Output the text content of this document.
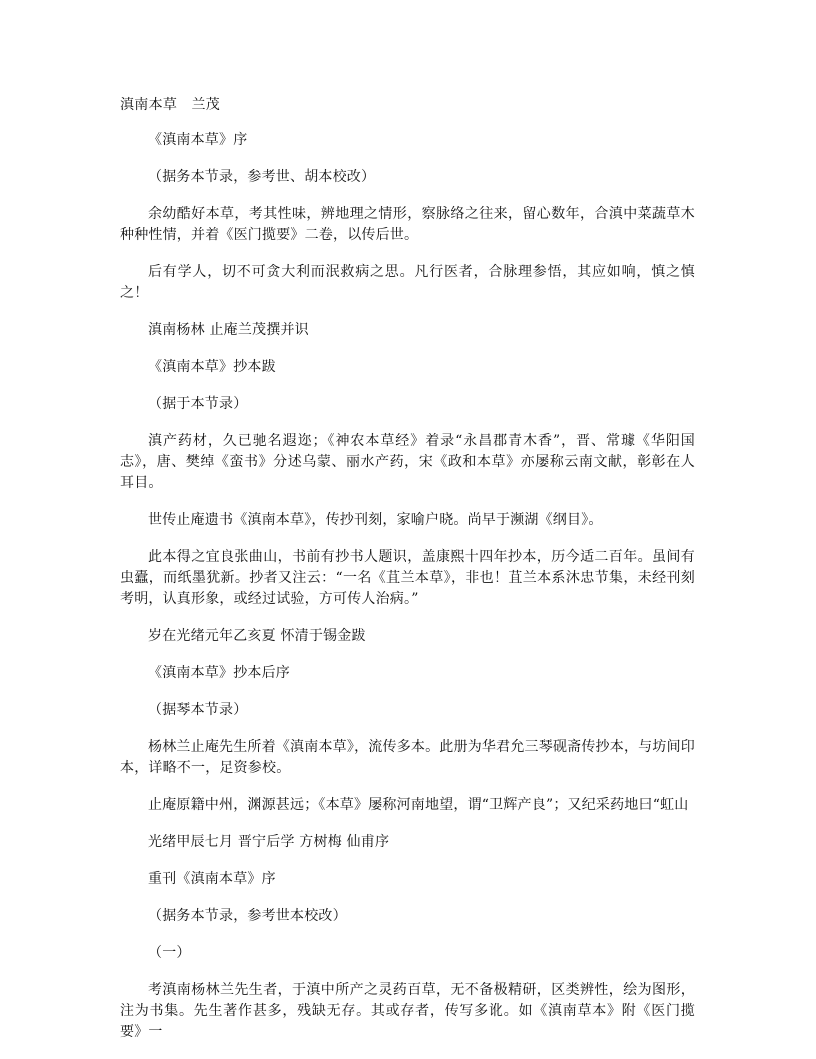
滇南本草　兰茂

《滇南本草》序

（据务本节录，参考世、胡本校改）

余幼酷好本草，考其性味，辨地理之情形，察脉络之往来，留心数年，合滇中菜蔬草木种种性情，并着《医门揽要》二卷，以传后世。

后有学人，切不可贪大利而泯救病之思。凡行医者，合脉理参悟，其应如响，慎之慎之！

滇南杨林 止庵兰茂撰并识

《滇南本草》抄本跋

（据于本节录）

滇产药材，久已驰名遐迩；《神农本草经》着录“永昌郡青木香”，晋、常璩《华阳国志》，唐、樊绰《蛮书》分述乌蒙、丽水产药，宋《政和本草》亦屡称云南文献，彰彰在人耳目。

世传止庵遗书《滇南本草》，传抄刊刻，家喻户晓。尚早于濒湖《纲目》。

此本得之宜良张曲山，书前有抄书人题识，盖康熙十四年抄本，历今适二百年。虽间有虫蠹，而纸墨犹新。抄者又注云：“一名《苴兰本草》，非也！苴兰本系沐忠节集，未经刊刻考明，认真形象，或经过试验，方可传人治病。”

岁在光绪元年乙亥夏 怀清于锡金跋

《滇南本草》抄本后序

（据琴本节录）

杨林兰止庵先生所着《滇南本草》，流传多本。此册为华君允三琴砚斋传抄本，与坊间印本，详略不一，足资参校。

止庵原籍中州，渊源甚远；《本草》屡称河南地望，谓“卫辉产良”；又纪采药地曰“虹山

光绪甲辰七月 晋宁后学 方树梅 仙甫序

重刊《滇南本草》序

（据务本节录，参考世本校改）

（一）

考滇南杨林兰先生者，于滇中所产之灵药百草，无不备极精研，区类辨性，绘为图形，注为书集。先生著作甚多，残缺无存。其或存者，传写多讹。如《滇南草本》附《医门揽要》一
